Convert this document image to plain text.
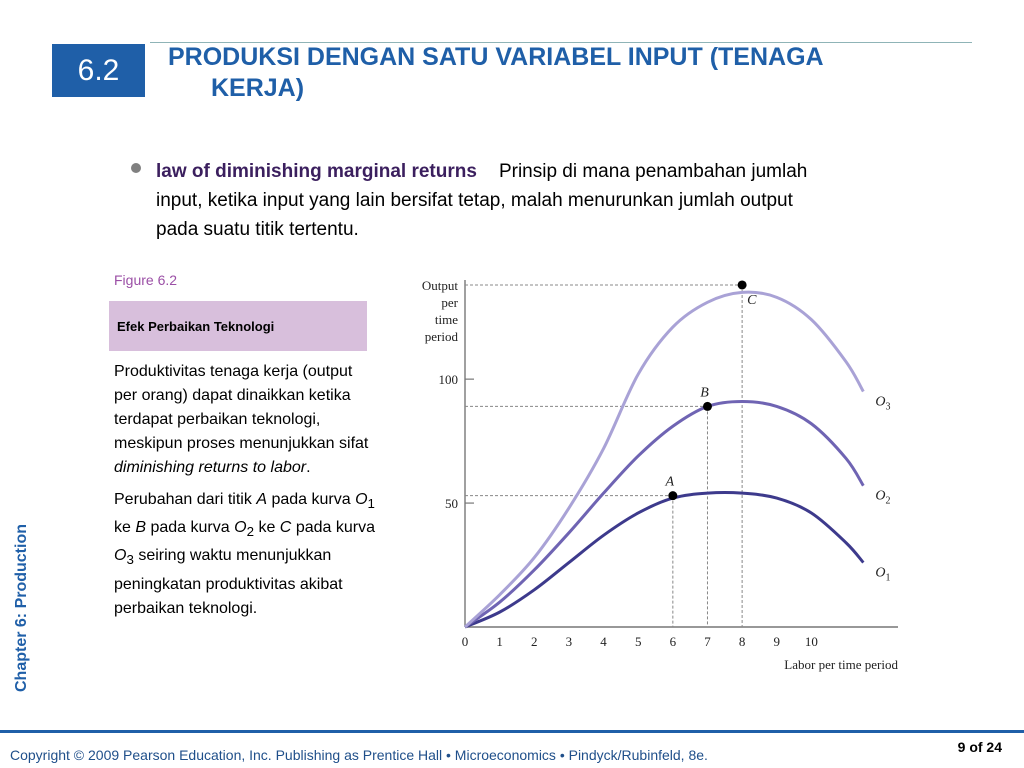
6.2	PRODUKSI DENGAN SATU VARIABEL INPUT (TENAGA
KERJA)
law of diminishing marginal returns Prinsip di mana penambahan jumlah input, ketika input yang lain bersifat tetap, malah menurunkan jumlah output pada suatu titik tertentu.
Figure 6.2
Efek Perbaikan Teknologi

Produktivitas tenaga kerja (output per orang) dapat dinaikkan ketika terdapat perbaikan teknologi, meskipun proses menunjukkan sifat diminishing returns to labor.

Perubahan dari titik A pada kurva $O_1$ ke B pada kurva $O_2$ ke C pada kurva $O_3$ seiring waktu menunjukkan peningkatan produktivitas akibat perbaikan teknologi.

Chapter 6: Production
Output
per
time
period
50
100
0 1 2 3 4 5 6 7 8 9 10
Labor per time period
$O_1$
$O_2$
$O_3$
A
B
C
Copyright © 2009 Pearson Education, Inc. Publishing as Prentice Hall • Microeconomics • Pindyck/Rubinfeld, 8e.	9 of 24
